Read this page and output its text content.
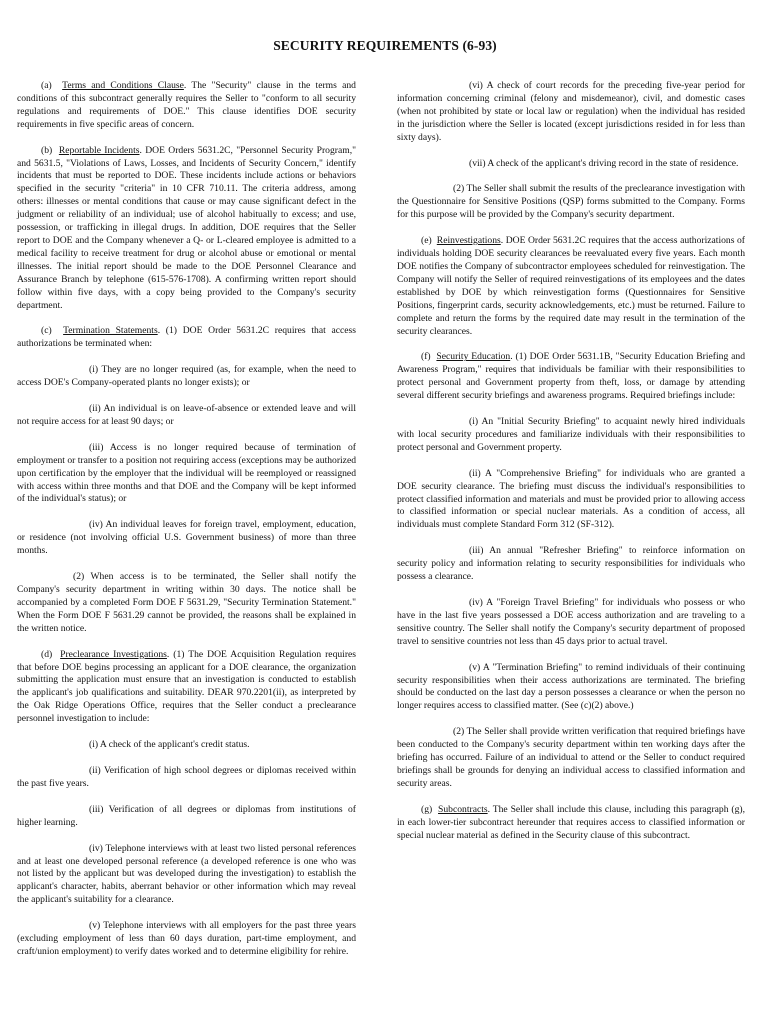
SECURITY REQUIREMENTS (6-93)

(a)  Terms and Conditions Clause. The "Security" clause in the terms and conditions of this subcontract generally requires the Seller to "conform to all security regulations and requirements of DOE." This clause identifies DOE security requirements in five specific areas of concern.

(b)  Reportable Incidents. DOE Orders 5631.2C, "Personnel Security Program," and 5631.5, "Violations of Laws, Losses, and Incidents of Security Concern," identify incidents that must be reported to DOE. These incidents include actions or behaviors specified in the security "criteria" in 10 CFR 710.11. The criteria address, among others: illnesses or mental conditions that cause or may cause significant defect in the judgment or reliability of an individual; use of alcohol habitually to excess; and use, possession, or trafficking in illegal drugs. In addition, DOE requires that the Seller report to DOE and the Company whenever a Q- or L-cleared employee is admitted to a medical facility to receive treatment for drug or alcohol abuse or emotional or mental illnesses. The initial report should be made to the DOE Personnel Clearance and Assurance Branch by telephone (615-576-1708). A confirming written report should follow within five days, with a copy being provided to the Company's security department.

(c)  Termination Statements. (1) DOE Order 5631.2C requires that access authorizations be terminated when:

(i) They are no longer required (as, for example, when the need to access DOE's Company-operated plants no longer exists); or

(ii) An individual is on leave-of-absence or extended leave and will not require access for at least 90 days; or

(iii) Access is no longer required because of termination of employment or transfer to a position not requiring access (exceptions may be authorized upon certification by the employer that the individual will be reemployed or reassigned with access within three months and that DOE and the Company will be kept informed of the individual's status); or

(iv) An individual leaves for foreign travel, employment, education, or residence (not involving official U.S. Government business) of more than three months.

(2) When access is to be terminated, the Seller shall notify the Company's security department in writing within 30 days. The notice shall be accompanied by a completed Form DOE F 5631.29, "Security Termination Statement." When the Form DOE F 5631.29 cannot be provided, the reasons shall be explained in the written notice.

(d)  Preclearance Investigations. (1) The DOE Acquisition Regulation requires that before DOE begins processing an applicant for a DOE clearance, the organization submitting the application must ensure that an investigation is conducted to establish the applicant's job qualifications and suitability. DEAR 970.2201(ii), as interpreted by the Oak Ridge Operations Office, requires that the Seller conduct a preclearance personnel investigation to include:

(i) A check of the applicant's credit status.

(ii) Verification of high school degrees or diplomas received within the past five years.

(iii) Verification of all degrees or diplomas from institutions of higher learning.

(iv) Telephone interviews with at least two listed personal references and at least one developed personal reference (a developed reference is one who was not listed by the applicant but was developed during the investigation) to establish the applicant's character, habits, aberrant behavior or other information which may reveal the applicant's suitability for a clearance.

(v) Telephone interviews with all employers for the past three years (excluding employment of less than 60 days duration, part-time employment, and craft/union employment) to verify dates worked and to determine eligibility for rehire.

(vi) A check of court records for the preceding five-year period for information concerning criminal (felony and misdemeanor), civil, and domestic cases (when not prohibited by state or local law or regulation) when the individual has resided in the jurisdiction where the Seller is located (except jurisdictions resided in for less than sixty days).

(vii) A check of the applicant's driving record in the state of residence.

(2) The Seller shall submit the results of the preclearance investigation with the Questionnaire for Sensitive Positions (QSP) forms submitted to the Company. Forms for this purpose will be provided by the Company's security department.

(e)  Reinvestigations. DOE Order 5631.2C requires that the access authorizations of individuals holding DOE security clearances be reevaluated every five years. Each month DOE notifies the Company of subcontractor employees scheduled for reinvestigation. The Company will notify the Seller of required reinvestigations of its employees and the dates established by DOE by which reinvestigation forms (Questionnaires for Sensitive Positions, fingerprint cards, security acknowledgements, etc.) must be returned. Failure to complete and return the forms by the required date may result in the termination of the security clearances.

(f)  Security Education. (1) DOE Order 5631.1B, "Security Education Briefing and Awareness Program," requires that individuals be familiar with their responsibilities to protect personal and Government property from theft, loss, or damage by attending several different security briefings and awareness programs. Required briefings include:

(i) An "Initial Security Briefing" to acquaint newly hired individuals with local security procedures and familiarize individuals with their responsibilities to protect personal and Government property.

(ii) A "Comprehensive Briefing" for individuals who are granted a DOE security clearance. The briefing must discuss the individual's responsibilities to protect classified information and materials and must be provided prior to allowing access to classified information or special nuclear materials. As a condition of access, all individuals must complete Standard Form 312 (SF-312).

(iii) An annual "Refresher Briefing" to reinforce information on security policy and information relating to security responsibilities for individuals who possess a clearance.

(iv) A "Foreign Travel Briefing" for individuals who possess or who have in the last five years possessed a DOE access authorization and are traveling to a sensitive country. The Seller shall notify the Company's security department of proposed travel to sensitive countries not less than 45 days prior to actual travel.

(v) A "Termination Briefing" to remind individuals of their continuing security responsibilities when their access authorizations are terminated. The briefing should be conducted on the last day a person possesses a clearance or when the person no longer requires access to classified matter. (See (c)(2) above.)

(2) The Seller shall provide written verification that required briefings have been conducted to the Company's security department within ten working days after the briefing has occurred. Failure of an individual to attend or the Seller to conduct required briefings shall be grounds for denying an individual access to classified information and security areas.

(g)  Subcontracts. The Seller shall include this clause, including this paragraph (g), in each lower-tier subcontract hereunder that requires access to classified information or special nuclear material as defined in the Security clause of this subcontract.
